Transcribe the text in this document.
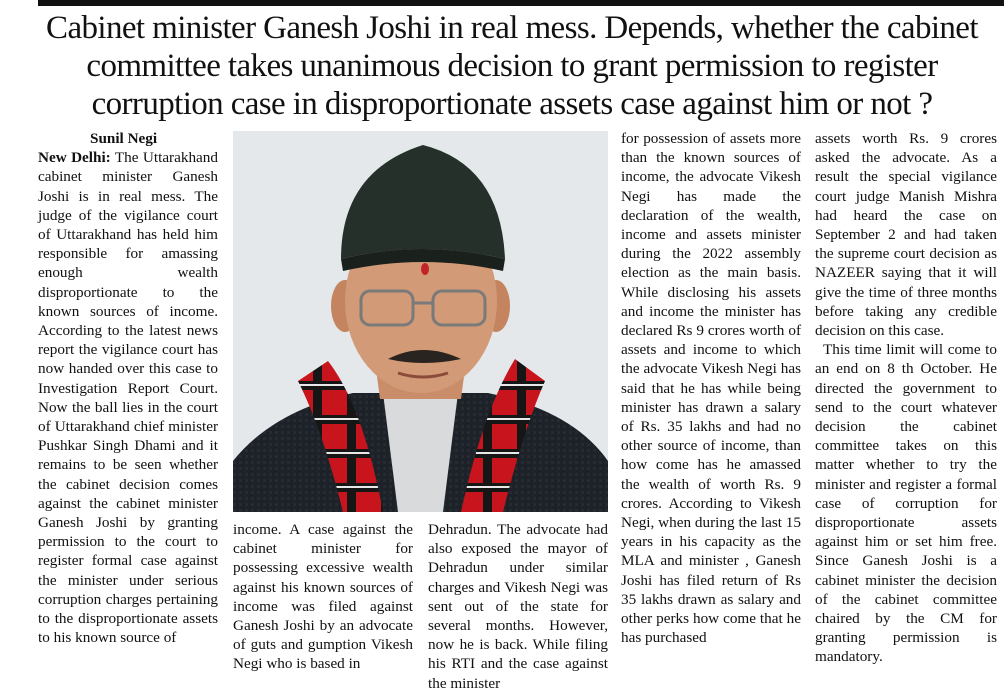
Cabinet minister Ganesh Joshi in real mess. Depends, whether the cabinet
committee takes unanimous decision to grant permission to register
corruption case in disproportionate assets case against him or not ?

Sunil Negi

New Delhi: The Uttarakhand cabinet minister Ganesh Joshi is in real mess. The judge of the vigilance court of Uttarakhand has held him responsible for amassing enough wealth disproportionate to the known sources of income. According to the latest news report the vigilance court has now handed over this case to Investigation Report Court. Now the ball lies in the court of Uttarakhand chief minister Pushkar Singh Dhami and it remains to be seen whether the cabinet decision comes against the cabinet minister Ganesh Joshi by granting permission to the court to register formal case against the minister under serious corruption charges pertaining to the disproportionate assets to his known source of

income. A case against the cabinet minister for possessing excessive wealth against his known sources of income was filed against Ganesh Joshi by an advocate of guts and gumption Vikesh Negi who is based in

Dehradun. The advocate had also exposed the mayor of Dehradun under similar charges and Vikesh Negi was sent out of the state for several months. However, now he is back. While filing his RTI and the case against the minister

for possession of assets more than the known sources of income, the advocate Vikesh Negi has made the declaration of the wealth, income and assets minister during the 2022 assembly election as the main basis. While disclosing his assets and income the minister has declared Rs 9 crores worth of assets and income to which the advocate Vikesh Negi has said that he has while being minister has drawn a salary of Rs. 35 lakhs and had no other source of income, than how come has he amassed the wealth of worth Rs. 9 crores. According to Vikesh Negi, when during the last 15 years in his capacity as the MLA and minister , Ganesh Joshi has filed return of Rs 35 lakhs drawn as salary and other perks how come that he has purchased

assets worth Rs. 9 crores asked the advocate. As a result the special vigilance court judge Manish Mishra had heard the case on September 2 and had taken the supreme court decision as NAZEER saying that it will give the time of three months before taking any credible decision on this case.

This time limit will come to an end on 8 th October. He directed the government to send to the court whatever decision the cabinet committee takes on this matter whether to try the minister and register a formal case of corruption for disproportionate assets against him or set him free. Since Ganesh Joshi is a cabinet minister the decision of the cabinet committee chaired by the CM for granting permission is mandatory.
